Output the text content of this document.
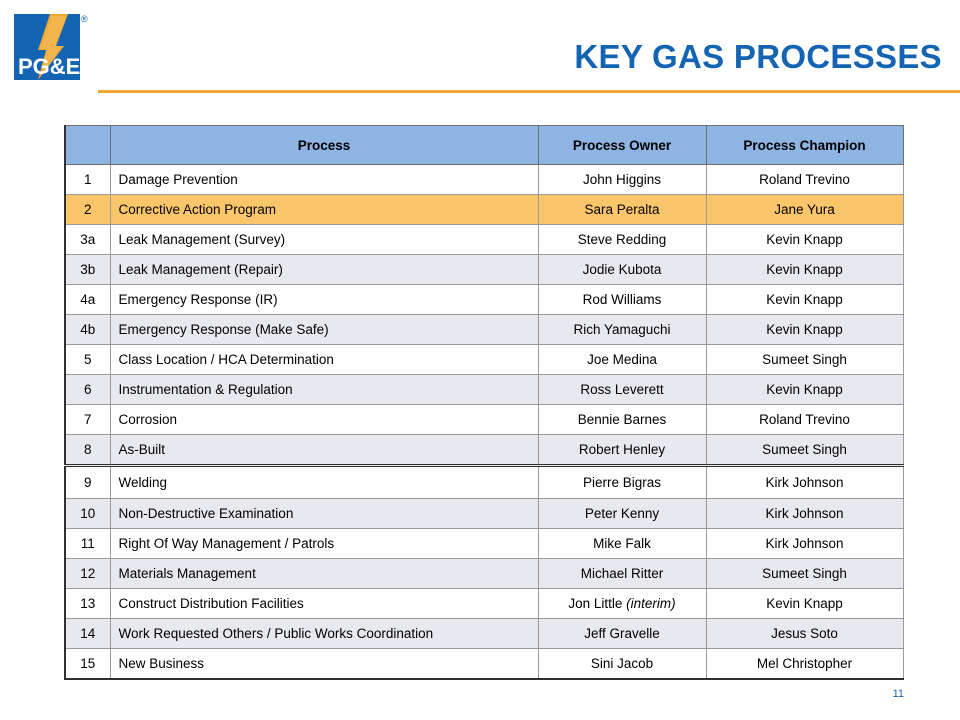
PG&E
®
KEY GAS PROCESSES
	Process	Process Owner	Process Champion
1	Damage Prevention	John Higgins	Roland Trevino
2	Corrective Action Program	Sara Peralta	Jane Yura
3a	Leak Management (Survey)	Steve Redding	Kevin Knapp
3b	Leak Management (Repair)	Jodie Kubota	Kevin Knapp
4a	Emergency Response (IR)	Rod Williams	Kevin Knapp
4b	Emergency Response (Make Safe)	Rich Yamaguchi	Kevin Knapp
5	Class Location / HCA Determination	Joe Medina	Sumeet Singh
6	Instrumentation & Regulation	Ross Leverett	Kevin Knapp
7	Corrosion	Bennie Barnes	Roland Trevino
8	As-Built	Robert Henley	Sumeet Singh
9	Welding	Pierre Bigras	Kirk Johnson
10	Non-Destructive Examination	Peter Kenny	Kirk Johnson
11	Right Of Way Management / Patrols	Mike Falk	Kirk Johnson
12	Materials Management	Michael Ritter	Sumeet Singh
13	Construct Distribution Facilities	Jon Little (interim)	Kevin Knapp
14	Work Requested Others / Public Works Coordination	Jeff Gravelle	Jesus Soto
15	New Business	Sini Jacob	Mel Christopher
11
